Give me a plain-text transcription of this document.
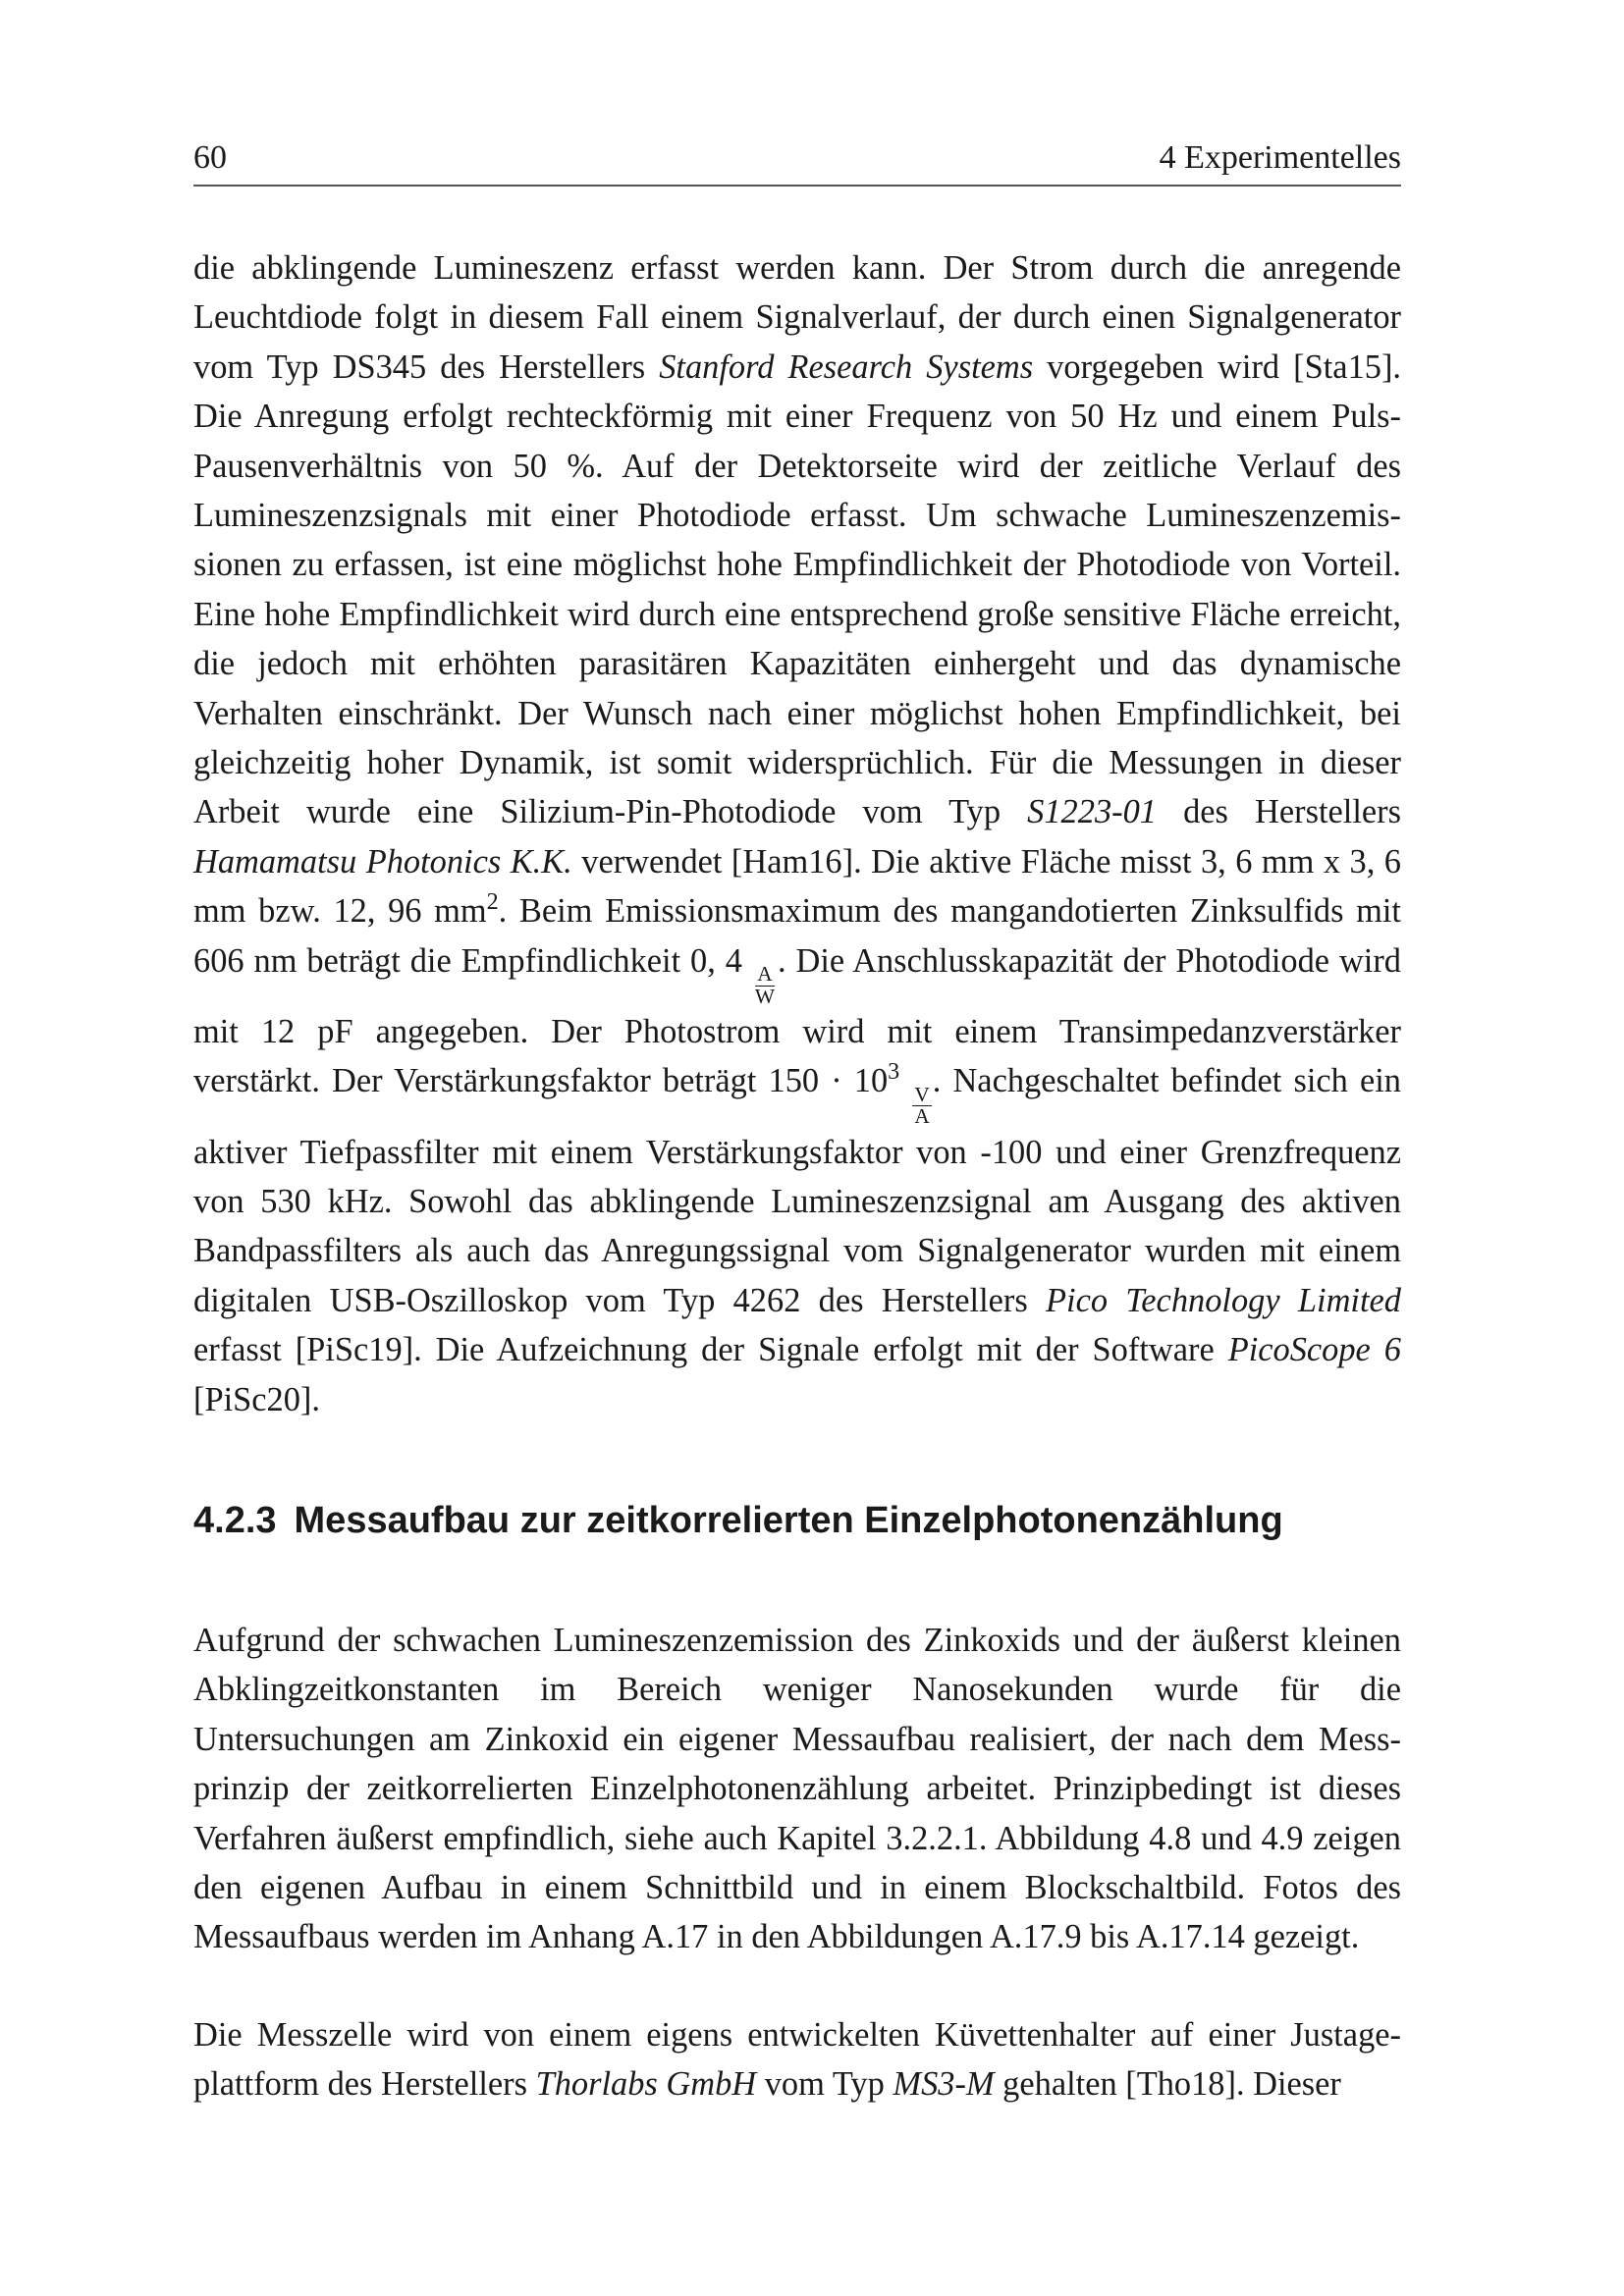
60	4 Experimentelles

die abklingende Lumineszenz erfasst werden kann. Der Strom durch die anregende Leuchtdiode folgt in diesem Fall einem Signalverlauf, der durch einen Signalgenerator vom Typ DS345 des Herstellers Stanford Research Systems vorgegeben wird [Sta15]. Die Anregung erfolgt rechteckförmig mit einer Frequenz von 50 Hz und einem Puls-Pausenverhältnis von 50 %. Auf der Detektorseite wird der zeitliche Verlauf des Lumineszenzsignals mit einer Photodiode erfasst. Um schwache Lumineszenzemissionen zu erfassen, ist eine möglichst hohe Empfindlichkeit der Photodiode von Vorteil. Eine hohe Empfindlichkeit wird durch eine entsprechend große sensitive Fläche erreicht, die jedoch mit erhöhten parasitären Kapazitäten einhergeht und das dynamische Verhalten einschränkt. Der Wunsch nach einer möglichst hohen Empfindlichkeit, bei gleichzeitig hoher Dynamik, ist somit widersprüchlich. Für die Messungen in dieser Arbeit wurde eine Silizium-Pin-Photodiode vom Typ S1223-01 des Herstellers Hamamatsu Photonics K.K. verwendet [Ham16]. Die aktive Fläche misst 3, 6 mm x 3, 6 mm bzw. 12, 96 $mm^2$. Beim Emissionsmaximum des mangandotierten Zinksulfids mit 606 nm beträgt die Empfindlichkeit 0, 4
$\frac{A}{W}$
. Die Anschlusskapazität der Photodiode wird mit 12 pF angegeben. Der Photostrom wird mit einem Transimpedanzverstärker verstärkt. Der Verstärkungsfaktor beträgt $150 \cdot 10^3$
$\frac{V}{A}$
. Nachgeschaltet befindet sich ein aktiver Tiefpassfilter mit einem Verstärkungsfaktor von -100 und einer Grenzfrequenz von 530 kHz. Sowohl das abklingende Lumineszenzsignal am Ausgang des aktiven Bandpassfilters als auch das Anregungssignal vom Signalgenerator wurden mit einem digitalen USB-Oszilloskop vom Typ 4262 des Herstellers Pico Technology Limited erfasst [PiSc19]. Die Aufzeichnung der Signale erfolgt mit der Software PicoScope 6 [PiSc20].

4.2.3 Messaufbau zur zeitkorrelierten Einzelphotonenzählung

Aufgrund der schwachen Lumineszenzemission des Zinkoxids und der äußerst kleinen Abklingzeitkonstanten im Bereich weniger Nanosekunden wurde für die Untersuchungen am Zinkoxid ein eigener Messaufbau realisiert, der nach dem Messprinzip der zeitkorrelierten Einzelphotonenzählung arbeitet. Prinzipbedingt ist dieses Verfahren äußerst empfindlich, siehe auch Kapitel 3.2.2.1. Abbildung 4.8 und 4.9 zeigen den eigenen Aufbau in einem Schnittbild und in einem Blockschaltbild. Fotos des Messaufbaus werden im Anhang A.17 in den Abbildungen A.17.9 bis A.17.14 gezeigt.

Die Messzelle wird von einem eigens entwickelten Küvettenhalter auf einer Justageplattform des Herstellers Thorlabs GmbH vom Typ MS3-M gehalten [Tho18]. Dieser
